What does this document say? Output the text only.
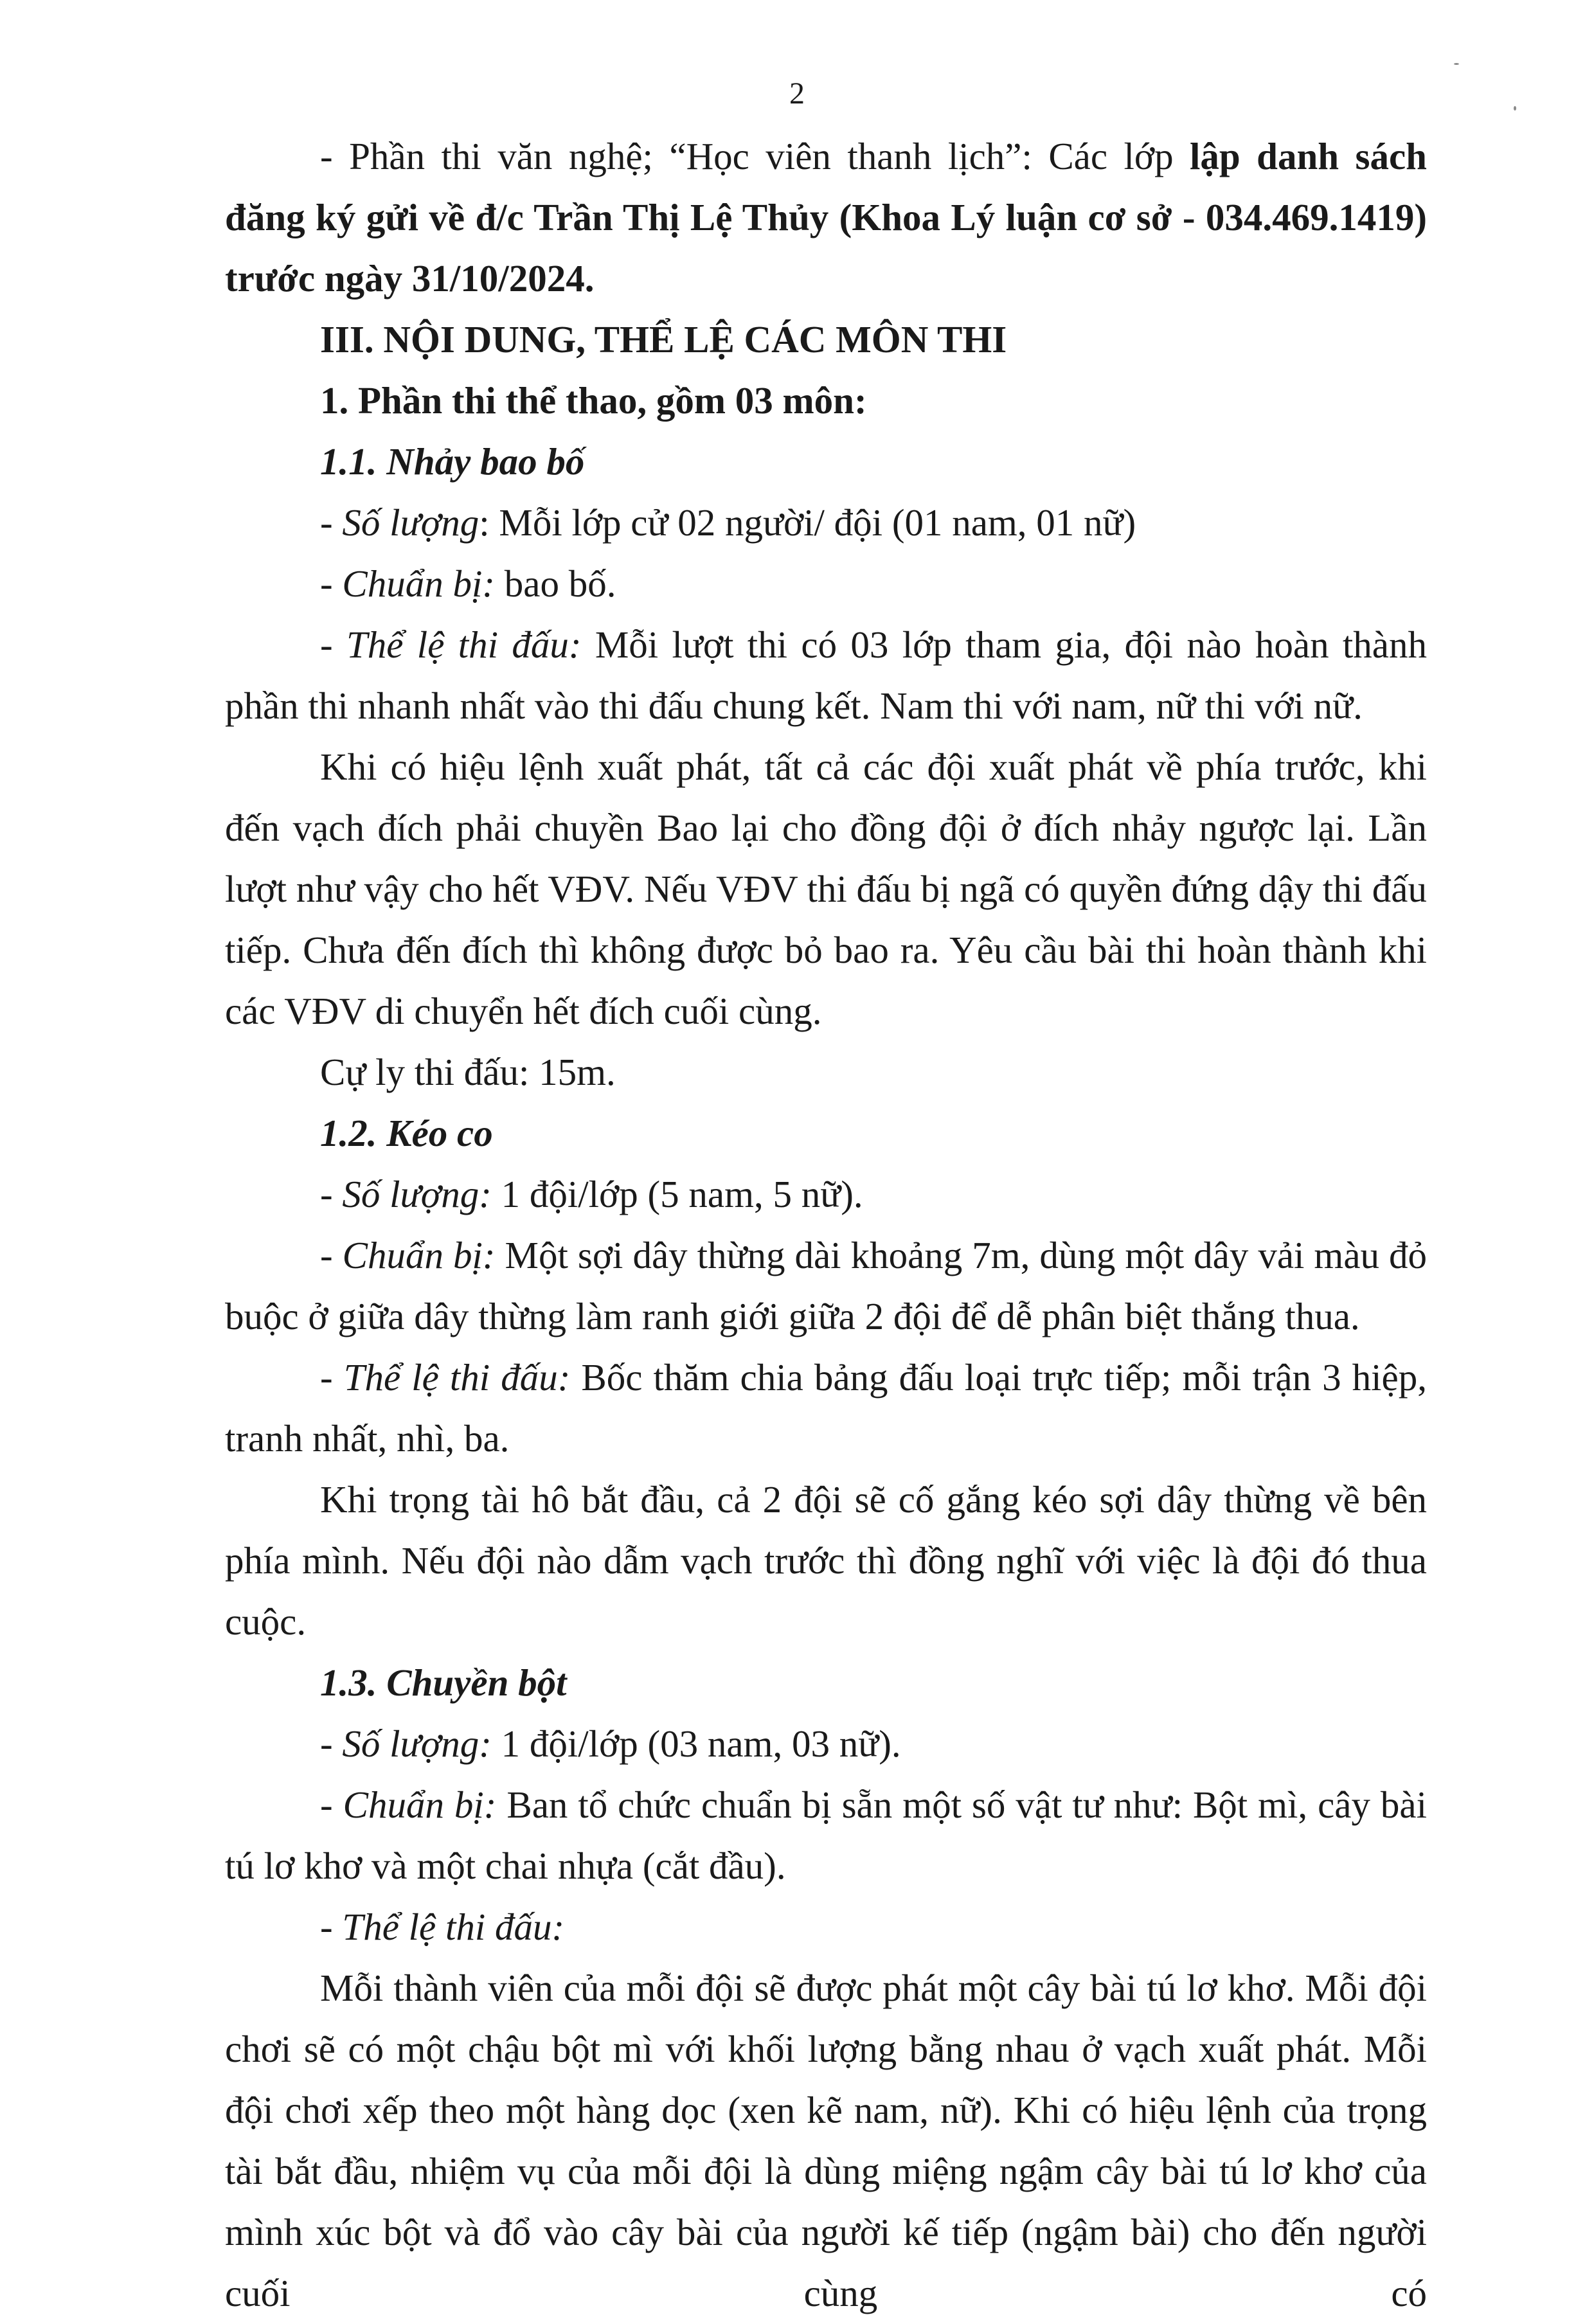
2

- Phần thi văn nghệ; “Học viên thanh lịch”: Các lớp lập danh sách đăng ký gửi về đ/c Trần Thị Lệ Thủy (Khoa Lý luận cơ sở - 034.469.1419) trước ngày 31/10/2024.

III. NỘI DUNG, THỂ LỆ CÁC MÔN THI

1. Phần thi thể thao, gồm 03 môn:

1.1. Nhảy bao bố

- Số lượng: Mỗi lớp cử 02 người/ đội (01 nam, 01 nữ)

- Chuẩn bị: bao bố.

- Thể lệ thi đấu: Mỗi lượt thi có 03 lớp tham gia, đội nào hoàn thành phần thi nhanh nhất vào thi đấu chung kết. Nam thi với nam, nữ thi với nữ.

Khi có hiệu lệnh xuất phát, tất cả các đội xuất phát về phía trước, khi đến vạch đích phải chuyền Bao lại cho đồng đội ở đích nhảy ngược lại. Lần lượt như vậy cho hết VĐV. Nếu VĐV thi đấu bị ngã có quyền đứng dậy thi đấu tiếp. Chưa đến đích thì không được bỏ bao ra. Yêu cầu bài thi hoàn thành khi các VĐV di chuyển hết đích cuối cùng.

Cự ly thi đấu: 15m.

1.2. Kéo co

- Số lượng: 1 đội/lớp (5 nam, 5 nữ).

- Chuẩn bị: Một sợi dây thừng dài khoảng 7m, dùng một dây vải màu đỏ buộc ở giữa dây thừng làm ranh giới giữa 2 đội để dễ phân biệt thắng thua.

- Thể lệ thi đấu: Bốc thăm chia bảng đấu loại trực tiếp; mỗi trận 3 hiệp, tranh nhất, nhì, ba.

Khi trọng tài hô bắt đầu, cả 2 đội sẽ cố gắng kéo sợi dây thừng về bên phía mình. Nếu đội nào dẫm vạch trước thì đồng nghĩ với việc là đội đó thua cuộc.

1.3. Chuyền bột

- Số lượng: 1 đội/lớp (03 nam, 03 nữ).

- Chuẩn bị: Ban tổ chức chuẩn bị sẵn một số vật tư như: Bột mì, cây bài tú lơ khơ và một chai nhựa (cắt đầu).

- Thể lệ thi đấu:

Mỗi thành viên của mỗi đội sẽ được phát một cây bài tú lơ khơ. Mỗi đội chơi sẽ có một chậu bột mì với khối lượng bằng nhau ở vạch xuất phát. Mỗi đội chơi xếp theo một hàng dọc (xen kẽ nam, nữ). Khi có hiệu lệnh của trọng tài bắt đầu, nhiệm vụ của mỗi đội là dùng miệng ngậm cây bài tú lơ khơ của mình xúc bột và đổ vào cây bài của người kế tiếp (ngậm bài) cho đến người cuối cùng có
